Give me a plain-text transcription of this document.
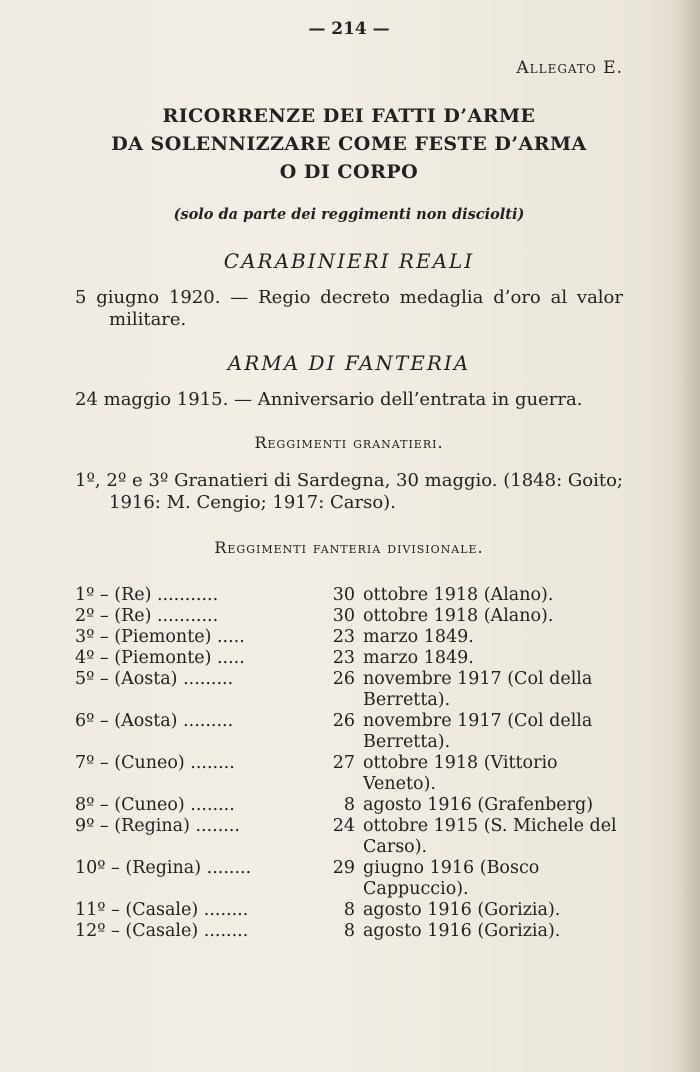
— 214 —
Allegato E.
RICORRENZE DEI FATTI D’ARME
DA SOLENNIZZARE COME FESTE D’ARMA
O DI CORPO
(solo da parte dei reggimenti non disciolti)
CARABINIERI REALI
5 giugno 1920. — Regio decreto medaglia d’oro al valor militare.
ARMA DI FANTERIA
24 maggio 1915. — Anniversario dell’entrata in guerra.
Reggimenti granatieri.
1º, 2º e 3º Granatieri di Sardegna, 30 maggio. (1848: Goito; 1916: M. Cengio; 1917: Carso).
Reggimenti fanteria divisionale.
1º – (Re) ...........	30 ottobre 1918 (Alano).
2º – (Re) ...........	30 ottobre 1918 (Alano).
3º – (Piemonte) .....	23 marzo 1849.
4º – (Piemonte) .....	23 marzo 1849.
5º – (Aosta) .........	26 novembre 1917 (Col della Berretta).
6º – (Aosta) .........	26 novembre 1917 (Col della Berretta).
7º – (Cuneo) ........	27 ottobre 1918 (Vittorio Veneto).
8º – (Cuneo) ........	8 agosto 1916 (Grafenberg)
9º – (Regina) ........	24 ottobre 1915 (S. Michele del Carso).
10º – (Regina) ........	29 giugno 1916 (Bosco Cappuccio).
11º – (Casale) ........	8 agosto 1916 (Gorizia).
12º – (Casale) ........	8 agosto 1916 (Gorizia).
